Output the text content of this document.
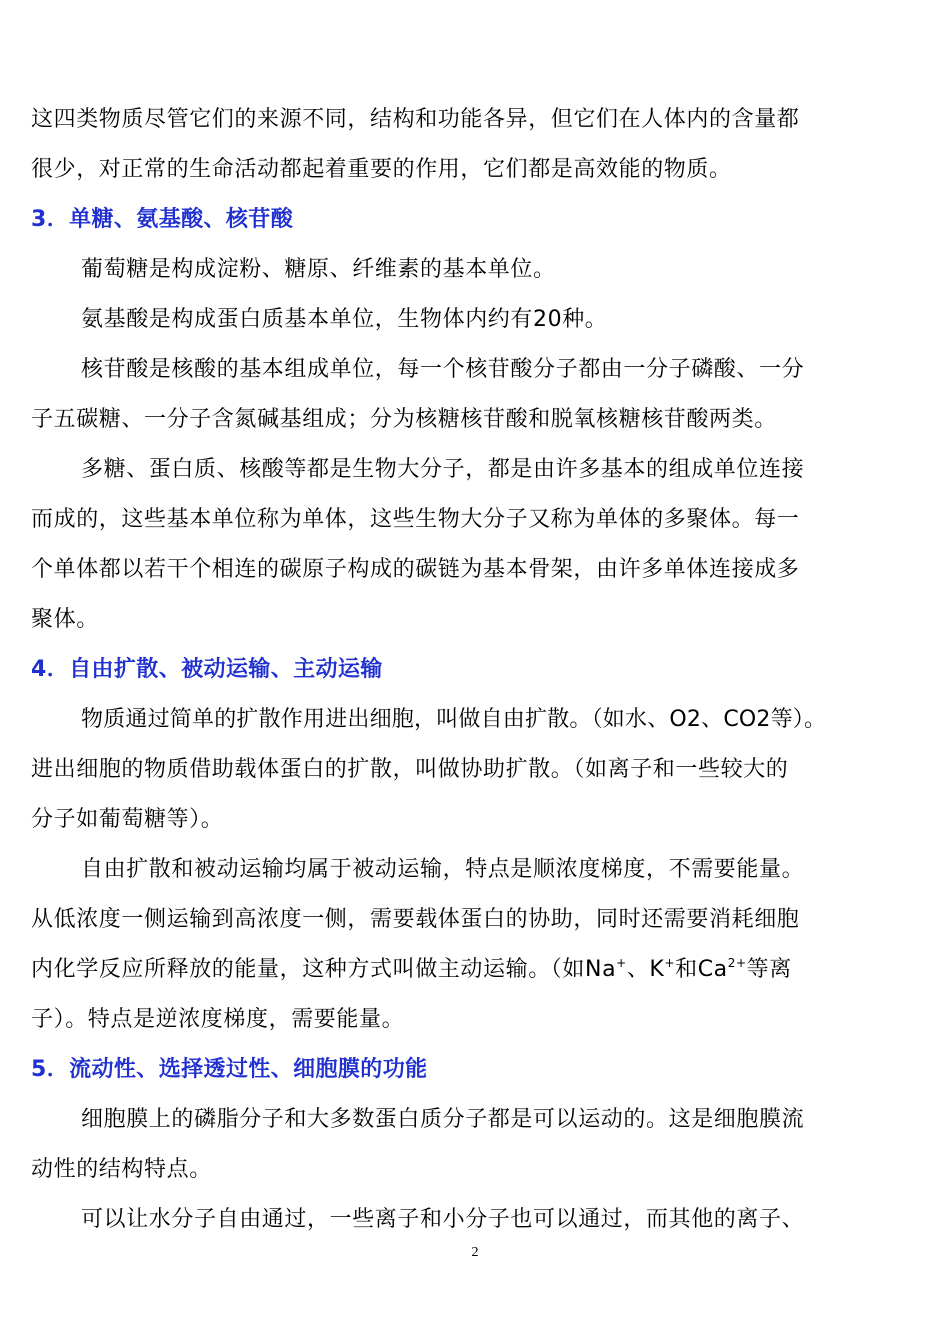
这四类物质尽管它们的来源不同，结构和功能各异，但它们在人体内的含量都
很少，对正常的生命活动都起着重要的作用，它们都是高效能的物质。
3．单糖、氨基酸、核苷酸
葡萄糖是构成淀粉、糖原、纤维素的基本单位。
氨基酸是构成蛋白质基本单位，生物体内约有20种。
核苷酸是核酸的基本组成单位，每一个核苷酸分子都由一分子磷酸、一分
子五碳糖、一分子含氮碱基组成；分为核糖核苷酸和脱氧核糖核苷酸两类。
多糖、蛋白质、核酸等都是生物大分子，都是由许多基本的组成单位连接
而成的，这些基本单位称为单体，这些生物大分子又称为单体的多聚体。每一
个单体都以若干个相连的碳原子构成的碳链为基本骨架，由许多单体连接成多
聚体。
4．自由扩散、被动运输、主动运输
物质通过简单的扩散作用进出细胞，叫做自由扩散。（如水、O2、CO2等）。
进出细胞的物质借助载体蛋白的扩散，叫做协助扩散。（如离子和一些较大的
分子如葡萄糖等）。
自由扩散和被动运输均属于被动运输，特点是顺浓度梯度，不需要能量。
从低浓度一侧运输到高浓度一侧，需要载体蛋白的协助，同时还需要消耗细胞
内化学反应所释放的能量，这种方式叫做主动运输。（如Na+、K+和$Ca^{2+}$等离
子）。特点是逆浓度梯度，需要能量。
5．流动性、选择透过性、细胞膜的功能
细胞膜上的磷脂分子和大多数蛋白质分子都是可以运动的。这是细胞膜流
动性的结构特点。
可以让水分子自由通过，一些离子和小分子也可以通过，而其他的离子、
2
